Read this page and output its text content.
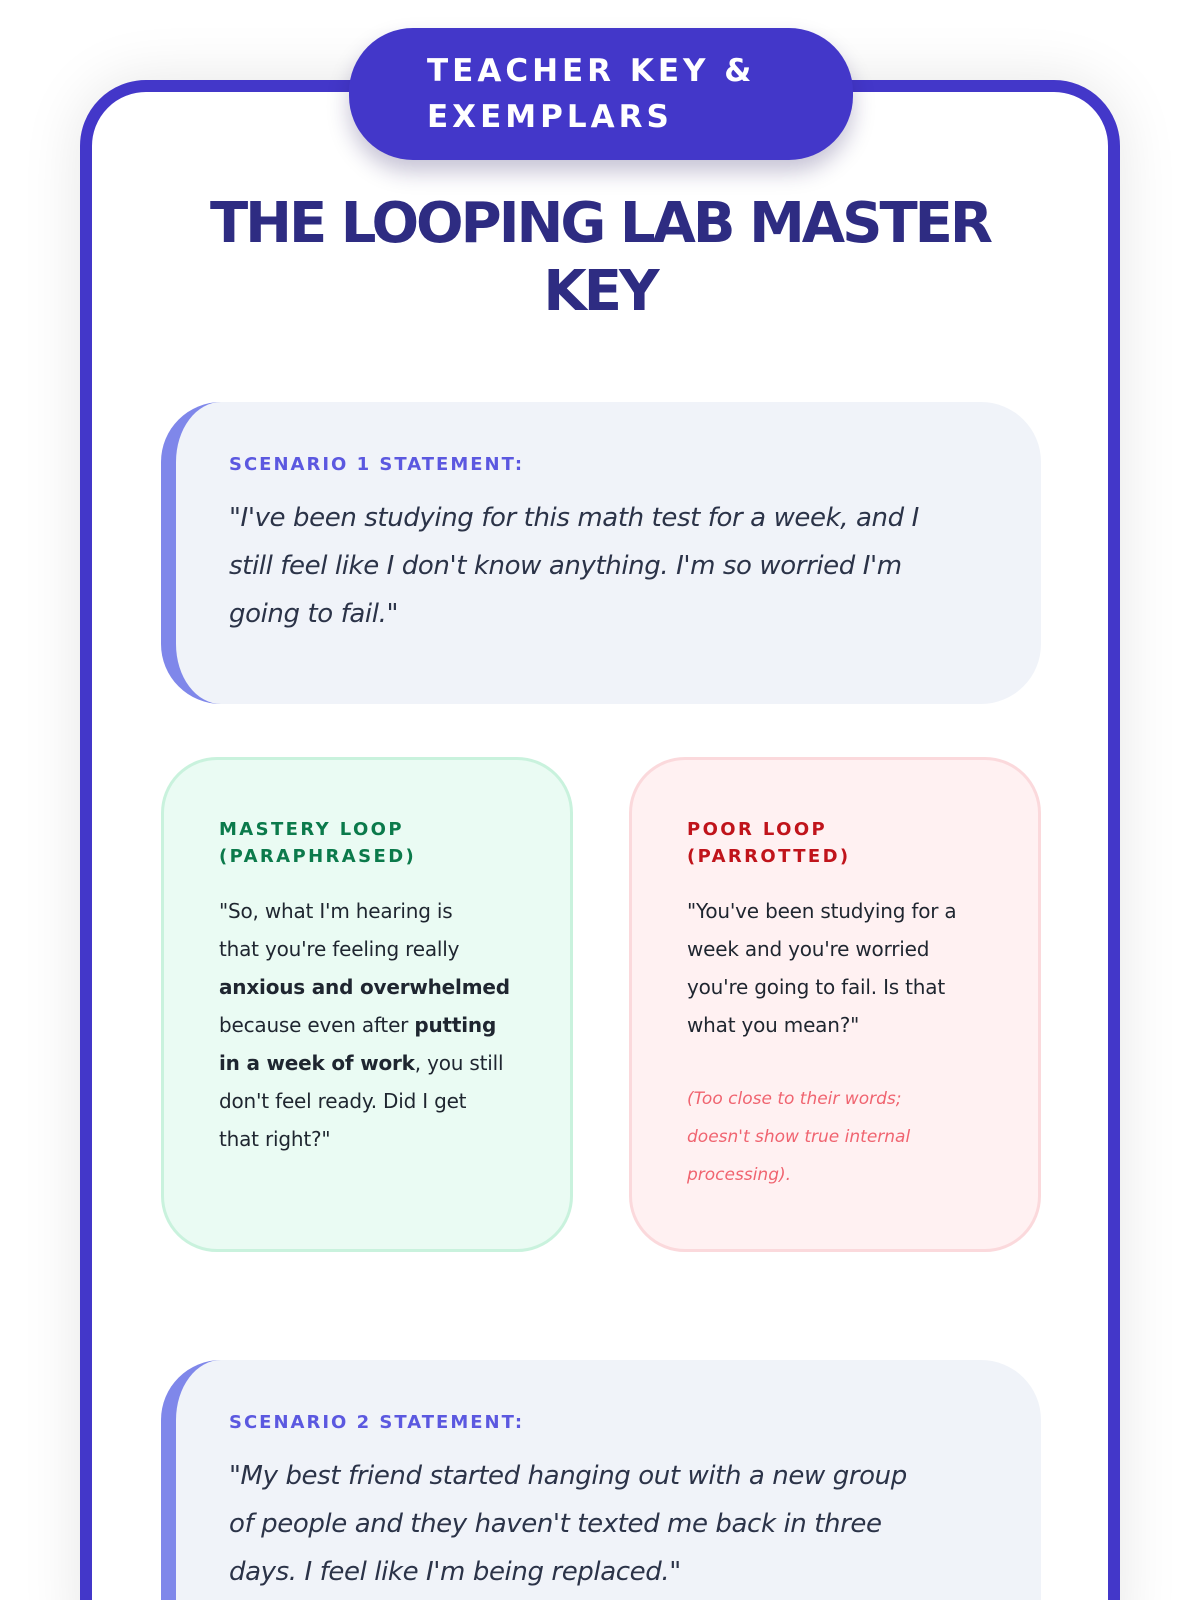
TEACHER KEY &
EXEMPLARS
THE LOOPING LAB MASTER
KEY
SCENARIO 1 STATEMENT:

"I've been studying for this math test for a week, and I
still feel like I don't know anything. I'm so worried I'm
going to fail."

MASTERY LOOP
(PARAPHRASED)

"So, what I'm hearing is
that you're feeling really
anxious and overwhelmed
because even after putting
in a week of work, you still
don't feel ready. Did I get
that right?"

POOR LOOP
(PARROTTED)

"You've been studying for a
week and you're worried
you're going to fail. Is that
what you mean?"

(Too close to their words;
doesn't show true internal
processing).

SCENARIO 2 STATEMENT:

"My best friend started hanging out with a new group
of people and they haven't texted me back in three
days. I feel like I'm being replaced."
